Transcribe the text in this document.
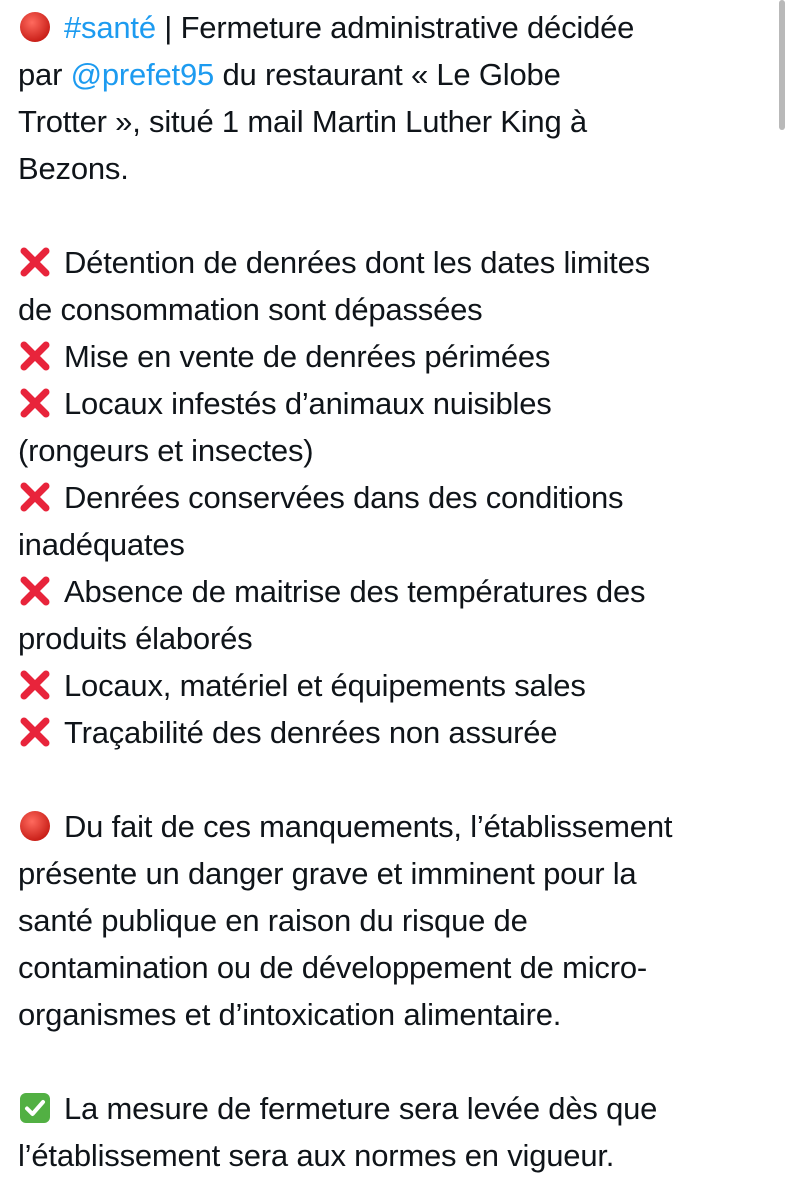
#santé | Fermeture administrative décidée
par @prefet95 du restaurant « Le Globe
Trotter », situé 1 mail Martin Luther King à
Bezons.

Détention de denrées dont les dates limites
de consommation sont dépassées
Mise en vente de denrées périmées
Locaux infestés d’animaux nuisibles
(rongeurs et insectes)
Denrées conservées dans des conditions
inadéquates
Absence de maitrise des températures des
produits élaborés
Locaux, matériel et équipements sales
Traçabilité des denrées non assurée

Du fait de ces manquements, l’établissement
présente un danger grave et imminent pour la
santé publique en raison du risque de
contamination ou de développement de micro-
organismes et d’intoxication alimentaire.

La mesure de fermeture sera levée dès que
l’établissement sera aux normes en vigueur.
